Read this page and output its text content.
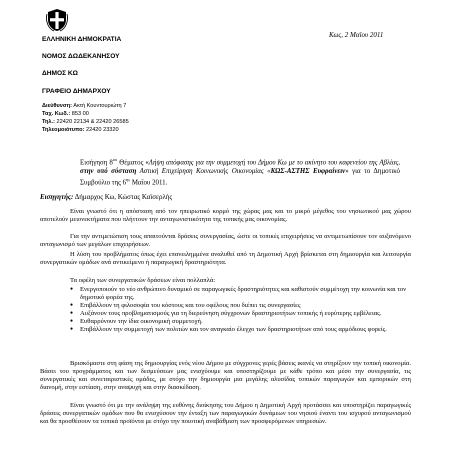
ΕΛΛΗΝΙΚΗ ΔΗΜΟΚΡΑΤΙΑ
ΝΟΜΟΣ ΔΩΔΕΚΑΝΗΣΟΥ
ΔΗΜΟΣ ΚΩ
ΓΡΑΦΕΙΟ ΔΗΜΑΡΧΟΥ
Κως, 2 Μαΐου 2011
Διεύθυνση: Ακτή Κουντουριώτη 7
Ταχ. Κωδ.: 853 00
Τηλ.: 22420 22134 & 22420 26585
Τηλεομοιότυπο: 22420 23320
Εισήγηση $8^{o\upsilon}$ Θέματος «Λήψη απόφασης για την συμμετοχή του Δήμου Κω με το ακίνητο του καφενείου της Αβλίας, στην υπό σύσταση Αστική Επιχείρηση Κοινωνικής Οικονομίας «ΚΩΣ-ΑΣΤΗΣ Ευφραίνειν» για το Δημοτικό Συμβούλιο της $6^{\eta\varsigma}$ Μαΐου 2011.
Εισηγητής: Δήμαρχος Κω, Κώστας Καϊσερλής
Είναι γνωστό ότι η απόσταση από τον ηπειρωτικό κορμό της χώρας μας και το μικρό μέγεθος του νησιωτικού μας χώρου αποτελούν μειονεκτήματα που πλήττουν την ανταγωνιστικότητα της τοπικής μας οικονομίας.
Για την αντιμετώπιση τους απαιτούνται δράσεις συνεργασίας, ώστε οι τοπικές επιχειρήσεις να αντιμετωπίσουν τον αυξανόμενο ανταγωνισμό των μεγάλων επιχειρήσεων.
Η λύση του προβλήματος όπως έχει επανειλημμένα αναλυθεί από τη Δημοτική Αρχή βρίσκεται στη δημιουργία και λειτουργία συνεργατικών ομάδων ανά αντικείμενο ή παραγωγική δραστηριότητα.
Τα οφέλη των συνεργατικών δράσεων είναι πολλαπλά:
● Ενεργοποιούν το νέο ανθρώπινο δυναμικό σε παραγωγικές δραστηριότητες και καθιστούν συμμέτοχη την κοινωνία και τον δημοτικό φορέα της.
● Επιβάλλουν τη φιλοσοφία του κόστους και του οφέλους που διέπει τις συνεργασίες
● Αυξάνουν τους προβληματισμούς για τη διερεύνηση σύγχρονων δραστηριοτήτων τοπικής ή ευρύτερης εμβέλειας.
● Ευθαρρύνουν την ίδια οικονομική συμμετοχή.
● Επιβάλλουν την συμμετοχή των πολιτών και τον αναγκαίο έλεγχο των δραστηριοτήτων από τους αρμόδιους φορείς.
Βρισκόμαστε στη φάση της δημιουργίας ενός νέου Δήμου με σύγχρονες γερές βάσεις ικανές να στηρίξουν την τοπική οικονομία. Βάσει του προγράμματος και των δεσμεύσεων μας ενισχύουμε και υποστηρίζουμε με κάθε τρόπο και μέσο την συνεργασία, τις συνεργατικές και συνεταιριστικές ομάδες, με στόχο την δημιουργία μια μεγάλης αλυσίδας τοπικών παραγωγών και εμπορικών στη διανομή, στην εστίαση, στην αναψυχή και στην διασκέδαση.
Είναι γνωστό ότι με την ανάληψη της ευθύνης διοίκησης του Δήμου η Δημοτική Αρχή προτάσσει και υποστηρίζει παραγωγικές δράσεις συνεργατικών ομάδων που θα ενισχύσουν την ένταξη των παραγωγικών δυνάμεων του νησιού έναντι του ισχυρού ανταγωνισμού και θα προσθέσουν τα τοπικά προϊόντα με στόχο την ποιοτική αναβάθμιση των προσφερόμενων υπηρεσιών.
